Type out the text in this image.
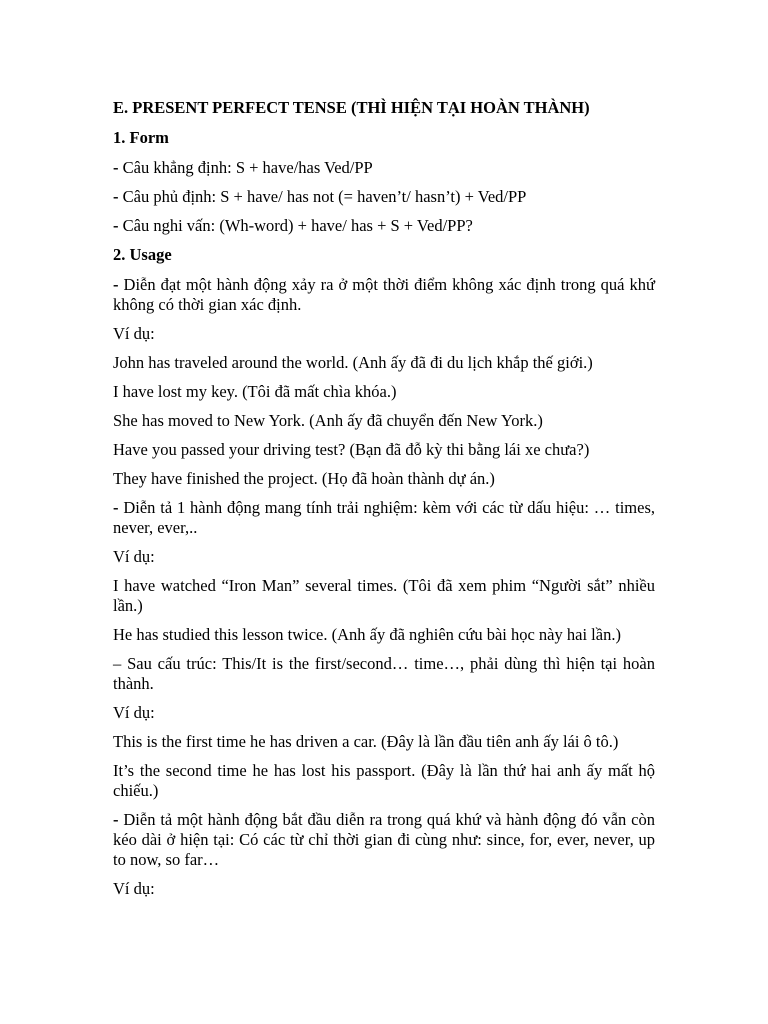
E. PRESENT PERFECT TENSE (THÌ HIỆN TẠI HOÀN THÀNH)
1. Form
- Câu khẳng định: S + have/has Ved/PP
- Câu phủ định: S + have/ has not (= haven’t/ hasn’t) + Ved/PP
- Câu nghi vấn: (Wh-word) + have/ has + S + Ved/PP?
2. Usage
- Diễn đạt một hành động xảy ra ở một thời điểm không xác định trong quá khứ không có thời gian xác định.
Ví dụ:
John has traveled around the world. (Anh ấy đã đi du lịch khắp thế giới.)
I have lost my key. (Tôi đã mất chìa khóa.)
She has moved to New York. (Anh ấy đã chuyển đến New York.)
Have you passed your driving test? (Bạn đã đỗ kỳ thi bằng lái xe chưa?)
They have finished the project. (Họ đã hoàn thành dự án.)
- Diễn tả 1 hành động mang tính trải nghiệm: kèm với các từ dấu hiệu: … times, never, ever,..
Ví dụ:
I have watched “Iron Man” several times. (Tôi đã xem phim “Người sắt” nhiều lần.)
He has studied this lesson twice. (Anh ấy đã nghiên cứu bài học này hai lần.)
– Sau cấu trúc: This/It is the first/second… time…, phải dùng thì hiện tại hoàn thành.
Ví dụ:
This is the first time he has driven a car. (Đây là lần đầu tiên anh ấy lái ô tô.)
It’s the second time he has lost his passport. (Đây là lần thứ hai anh ấy mất hộ chiếu.)
- Diễn tả một hành động bắt đầu diễn ra trong quá khứ và hành động đó vẫn còn kéo dài ở hiện tại: Có các từ chỉ thời gian đi cùng như: since, for, ever, never, up to now, so far…
Ví dụ:
